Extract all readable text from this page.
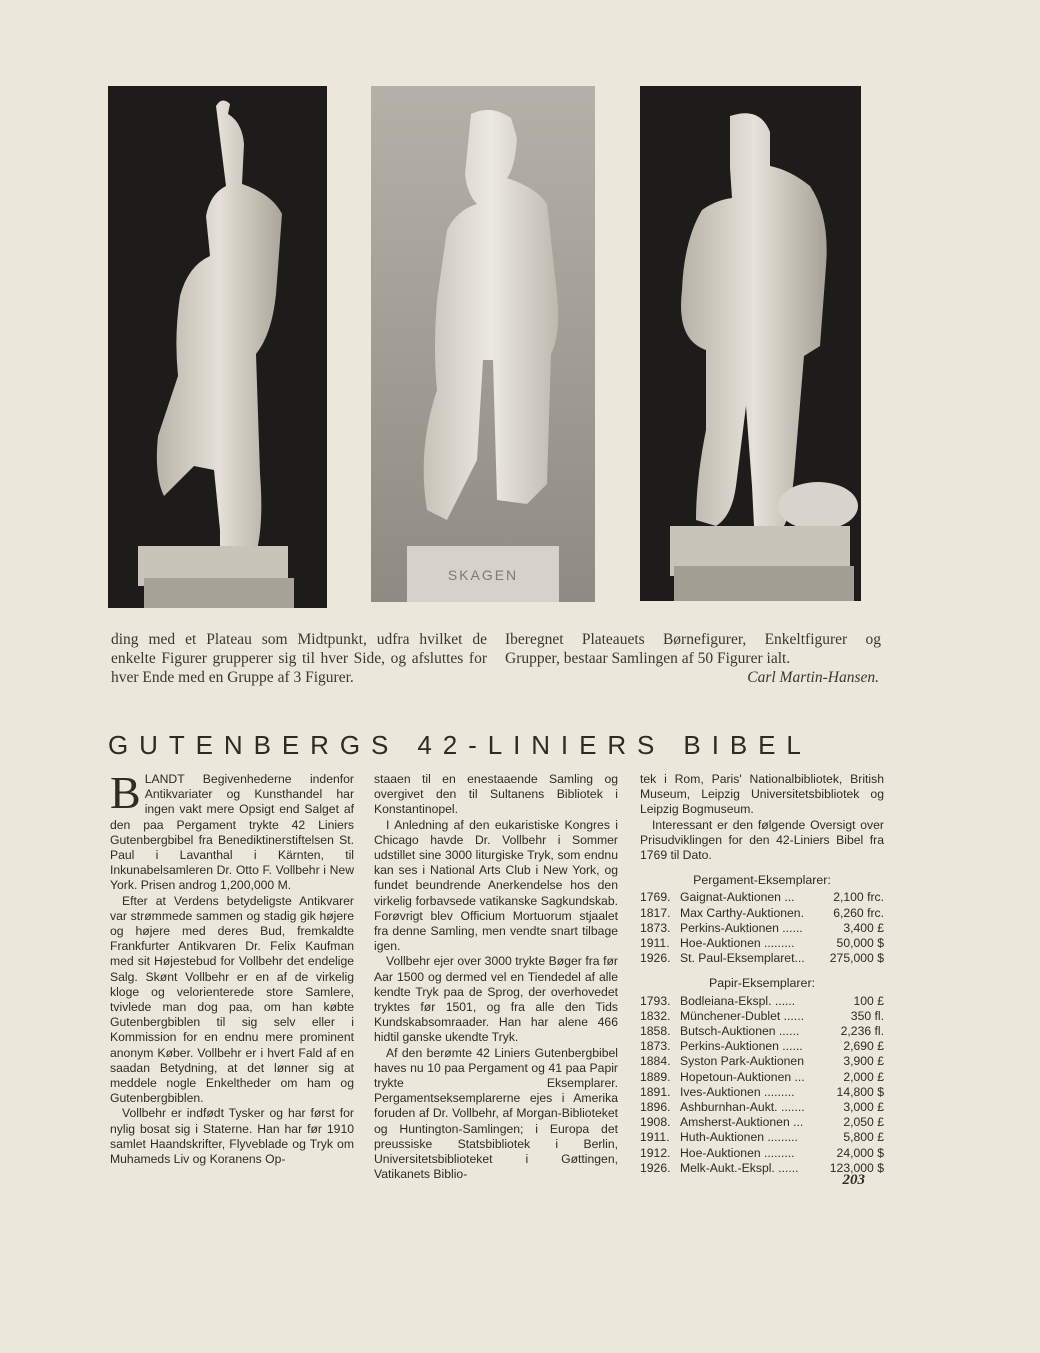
SKAGEN
ding med et Plateau som Midtpunkt, udfra hvilket de enkelte Figurer grupperer sig til hver Side, og afsluttes for hver Ende med en Gruppe af 3 Figurer.
Iberegnet Plateauets Børnefigurer, Enkeltfigurer og Grupper, bestaar Samlingen af 50 Figurer ialt.
Carl Martin-Hansen.
GUTENBERGS 42-LINIERS BIBEL

BLANDT Begivenhederne indenfor Antikvariater og Kunsthandel har ingen vakt mere Opsigt end Salget af den paa Pergament trykte 42 Liniers Gutenbergbibel fra Benediktinerstiftelsen St. Paul i Lavanthal i Kärnten, til Inkunabelsamleren Dr. Otto F. Vollbehr i New York. Prisen androg 1,200,000 M.

Efter at Verdens betydeligste Antikvarer var strømmede sammen og stadig gik højere og højere med deres Bud, fremkaldte Frankfurter Antikvaren Dr. Felix Kaufman med sit Højestebud for Vollbehr det endelige Salg. Skønt Vollbehr er en af de virkelig kloge og velorienterede store Samlere, tvivlede man dog paa, om han købte Gutenbergbiblen til sig selv eller i Kommission for en endnu mere prominent anonym Køber. Vollbehr er i hvert Fald af en saadan Betydning, at det lønner sig at meddele nogle Enkeltheder om ham og Gutenbergbiblen.

Vollbehr er indfødt Tysker og har først for nylig bosat sig i Staterne. Han har før 1910 samlet Haandskrifter, Flyveblade og Tryk om Muhameds Liv og Koranens Op-

staaen til en enestaaende Samling og overgivet den til Sultanens Bibliotek i Konstantinopel.

I Anledning af den eukaristiske Kongres i Chicago havde Dr. Vollbehr i Sommer udstillet sine 3000 liturgiske Tryk, som endnu kan ses i National Arts Club i New York, og fundet beundrende Anerkendelse hos den virkelig forbavsede vatikanske Sagkundskab. Forøvrigt blev Officium Mortuorum stjaalet fra denne Samling, men vendte snart tilbage igen.

Vollbehr ejer over 3000 trykte Bøger fra før Aar 1500 og dermed vel en Tiendedel af alle kendte Tryk paa de Sprog, der overhovedet tryktes før 1501, og fra alle den Tids Kundskabsomraader. Han har alene 466 hidtil ganske ukendte Tryk.

Af den berømte 42 Liniers Gutenbergbibel haves nu 10 paa Pergament og 41 paa Papir trykte Eksemplarer. Pergamentseksemplarerne ejes i Amerika foruden af Dr. Vollbehr, af Morgan-Biblioteket og Huntington-Samlingen; i Europa det preussiske Statsbibliotek i Berlin, Universitetsbiblioteket i Gøttingen, Vatikanets Biblio-

tek i Rom, Paris' Nationalbibliotek, British Museum, Leipzig Universitetsbibliotek og Leipzig Bogmuseum.

Interessant er den følgende Oversigt over Prisudviklingen for den 42-Liniers Bibel fra 1769 til Dato.

Pergament-Eksemplarer:
1769.	Gaignat-Auktionen ...	2,100 frc.
1817.	Max Carthy-Auktionen.	6,260 frc.
1873.	Perkins-Auktionen ......	3,400 £
1911.	Hoe-Auktionen .........	50,000 $
1926.	St. Paul-Eksemplaret...	275,000 $
Papir-Eksemplarer:
1793.	Bodleiana-Ekspl. ......	100 £
1832.	Münchener-Dublet ......	350 fl.
1858.	Butsch-Auktionen ......	2,236 fl.
1873.	Perkins-Auktionen ......	2,690 £
1884.	Syston Park-Auktionen	3,900 £
1889.	Hopetoun-Auktionen ...	2,000 £
1891.	Ives-Auktionen .........	14,800 $
1896.	Ashburnhan-Aukt. .......	3,000 £
1908.	Amsherst-Auktionen ...	2,050 £
1911.	Huth-Auktionen .........	5,800 £
1912.	Hoe-Auktionen .........	24,000 $
1926.	Melk-Aukt.-Ekspl. ......	123,000 $
203
